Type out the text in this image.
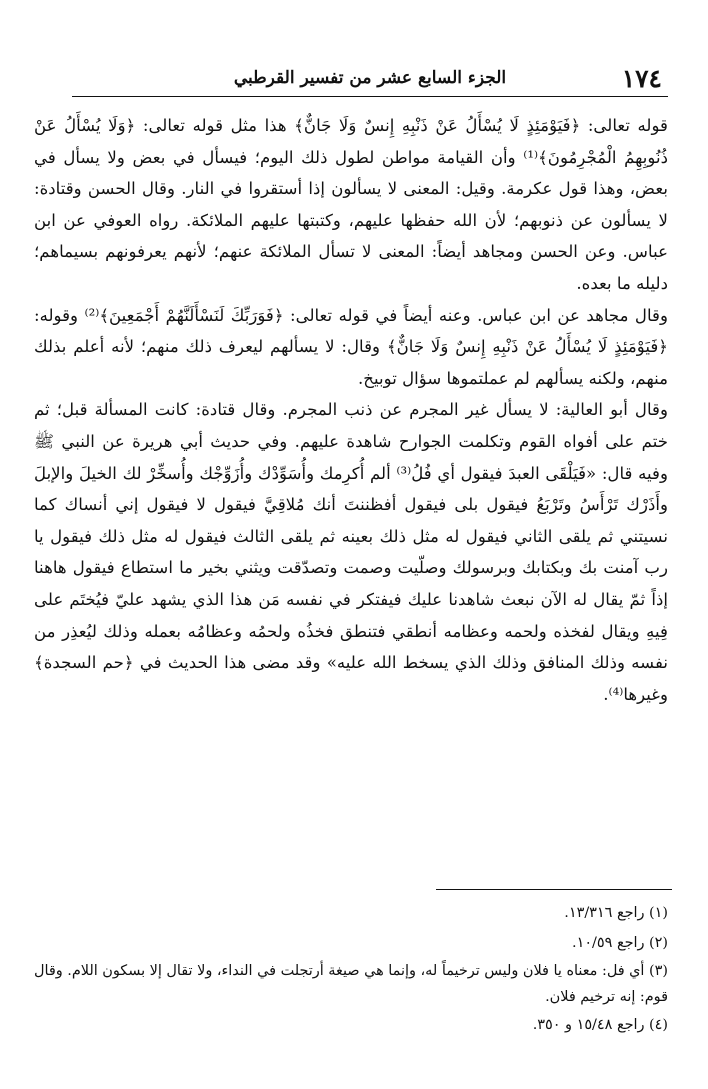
١٧٤
الجزء السابع عشر من تفسير القرطبي

قوله تعالى: ﴿فَيَوْمَئِذٍ لَا يُسْأَلُ عَنْ ذَنْبِهِ إِنسٌ وَلَا جَانٌّ﴾ هذا مثل قوله تعالى: ﴿وَلَا يُسْأَلُ عَنْ ذُنُوبِهِمُ الْمُجْرِمُونَ﴾⁽¹⁾ وأن القيامة مواطن لطول ذلك اليوم؛ فيسأل في بعض ولا يسأل في بعض، وهذا قول عكرمة. وقيل: المعنى لا يسألون إذا أستقروا في النار. وقال الحسن وقتادة: لا يسألون عن ذنوبهم؛ لأن الله حفظها عليهم، وكتبتها عليهم الملائكة. رواه العوفي عن ابن عباس. وعن الحسن ومجاهد أيضاً: المعنى لا تسأل الملائكة عنهم؛ لأنهم يعرفونهم بسيماهم؛ دليله ما بعده.

وقال مجاهد عن ابن عباس. وعنه أيضاً في قوله تعالى: ﴿فَوَرَبِّكَ لَنَسْأَلَنَّهُمْ أَجْمَعِينَ﴾⁽²⁾ وقوله: ﴿فَيَوْمَئِذٍ لَا يُسْأَلُ عَنْ ذَنْبِهِ إِنسٌ وَلَا جَانٌّ﴾ وقال: لا يسألهم ليعرف ذلك منهم؛ لأنه أعلم بذلك منهم، ولكنه يسألهم لم عملتموها سؤال توبيخ.

وقال أبو العالية: لا يسأل غير المجرم عن ذنب المجرم. وقال قتادة: كانت المسألة قبل؛ ثم ختم على أفواه القوم وتكلمت الجوارح شاهدة عليهم. وفي حديث أبي هريرة عن النبي ﷺ وفيه قال: «فَيَلْقَى العبدَ فيقول أي فُلُ⁽³⁾ ألم أُكرِمك وأُسَوِّدْك وأُزَوِّجْك وأُسخِّرْ لك الخيلَ والإبلَ وأَذَرْك تَرْأَسُ وتَرْبَعُ فيقول بلى فيقول أفظننتَ أنك مُلاقِيَّ فيقول لا فيقول إني أنساك كما نسيتني ثم يلقى الثاني فيقول له مثل ذلك بعينه ثم يلقى الثالث فيقول له مثل ذلك فيقول يا رب آمنت بك وبكتابك وبرسولك وصلّيت وصمت وتصدّقت ويثني بخير ما استطاع فيقول هاهنا إذاً ثمّ يقال له الآن نبعث شاهدنا عليك فيفتكر في نفسه مَن هذا الذي يشهد عليّ فيُختَم على فِيهِ ويقال لفخذه ولحمه وعظامه أنطقي فتنطق فخذُه ولحمُه وعظامُه بعمله وذلك ليُعذِر من نفسه وذلك المنافق وذلك الذي يسخط الله عليه» وقد مضى هذا الحديث في ﴿حم السجدة﴾ وغيرها⁽⁴⁾.

(١) راجع ١٣/٣١٦.

(٢) راجع ١٠/٥٩.

(٣) أي فل: معناه يا فلان وليس ترخيماً له، وإنما هي صيغة أرتجلت في النداء، ولا تقال إلا بسكون اللام. وقال قوم: إنه ترخيم فلان.

(٤) راجع ١٥/٤٨ و ٣٥٠.
